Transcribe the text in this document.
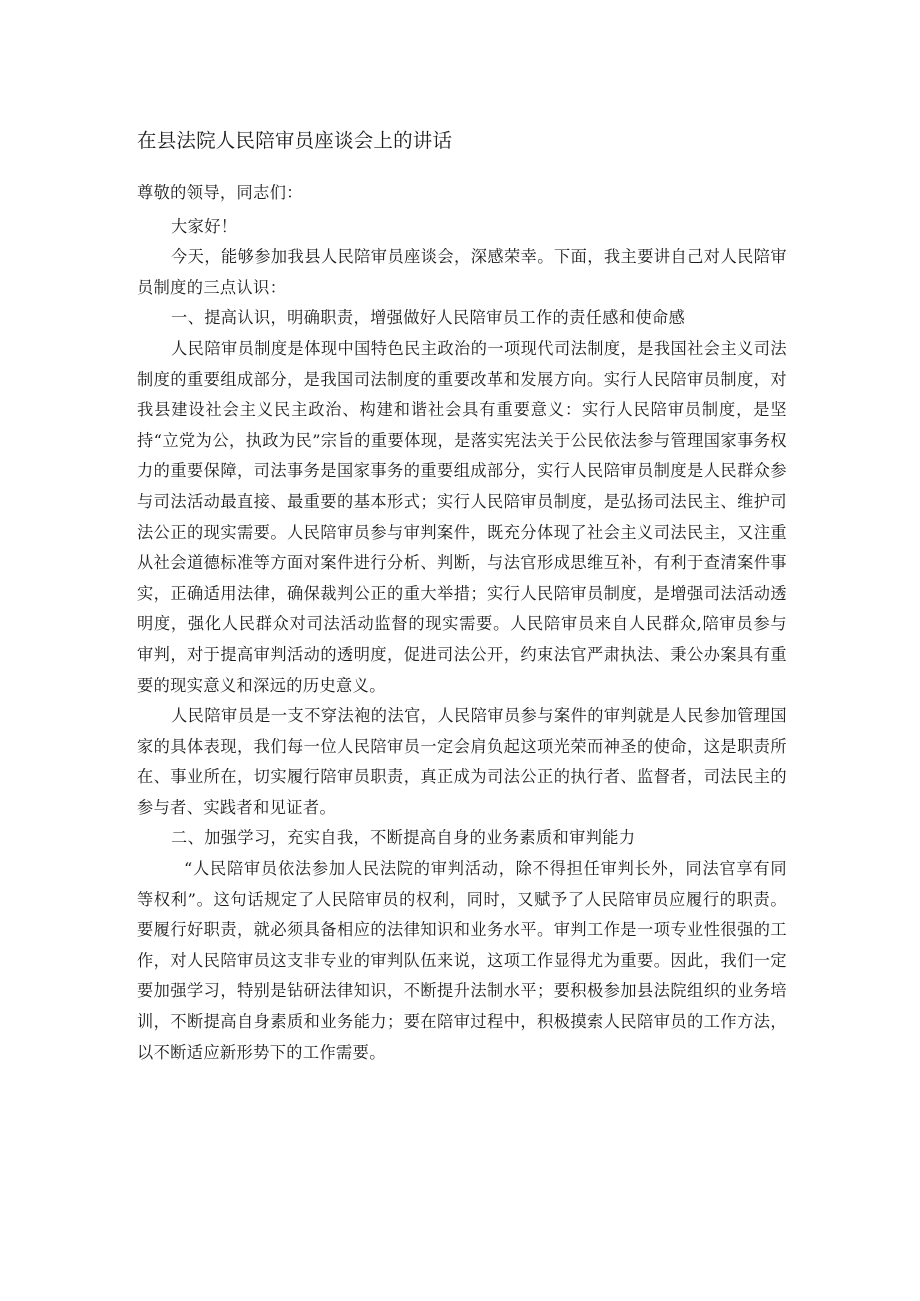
在县法院人民陪审员座谈会上的讲话

尊敬的领导，同志们：

大家好！

今天，能够参加我县人民陪审员座谈会，深感荣幸。下面，我主要讲自己对人民陪审员制度的三点认识：

一、提高认识，明确职责，增强做好人民陪审员工作的责任感和使命感

人民陪审员制度是体现中国特色民主政治的一项现代司法制度，是我国社会主义司法制度的重要组成部分，是我国司法制度的重要改革和发展方向。实行人民陪审员制度，对我县建设社会主义民主政治、构建和谐社会具有重要意义：实行人民陪审员制度，是坚持“立党为公，执政为民”宗旨的重要体现，是落实宪法关于公民依法参与管理国家事务权力的重要保障，司法事务是国家事务的重要组成部分，实行人民陪审员制度是人民群众参与司法活动最直接、最重要的基本形式；实行人民陪审员制度，是弘扬司法民主、维护司法公正的现实需要。人民陪审员参与审判案件，既充分体现了社会主义司法民主，又注重从社会道德标准等方面对案件进行分析、判断，与法官形成思维互补，有利于查清案件事实，正确适用法律，确保裁判公正的重大举措；实行人民陪审员制度，是增强司法活动透明度，强化人民群众对司法活动监督的现实需要。人民陪审员来自人民群众,陪审员参与审判，对于提高审判活动的透明度，促进司法公开，约束法官严肃执法、秉公办案具有重要的现实意义和深远的历史意义。

人民陪审员是一支不穿法袍的法官，人民陪审员参与案件的审判就是人民参加管理国家的具体表现，我们每一位人民陪审员一定会肩负起这项光荣而神圣的使命，这是职责所在、事业所在，切实履行陪审员职责，真正成为司法公正的执行者、监督者，司法民主的参与者、实践者和见证者。

二、加强学习，充实自我，不断提高自身的业务素质和审判能力

“人民陪审员依法参加人民法院的审判活动，除不得担任审判长外，同法官享有同等权利”。这句话规定了人民陪审员的权利，同时，又赋予了人民陪审员应履行的职责。要履行好职责，就必须具备相应的法律知识和业务水平。审判工作是一项专业性很强的工作，对人民陪审员这支非专业的审判队伍来说，这项工作显得尤为重要。因此，我们一定要加强学习，特别是钻研法律知识，不断提升法制水平；要积极参加县法院组织的业务培训，不断提高自身素质和业务能力；要在陪审过程中，积极摸索人民陪审员的工作方法，以不断适应新形势下的工作需要。
